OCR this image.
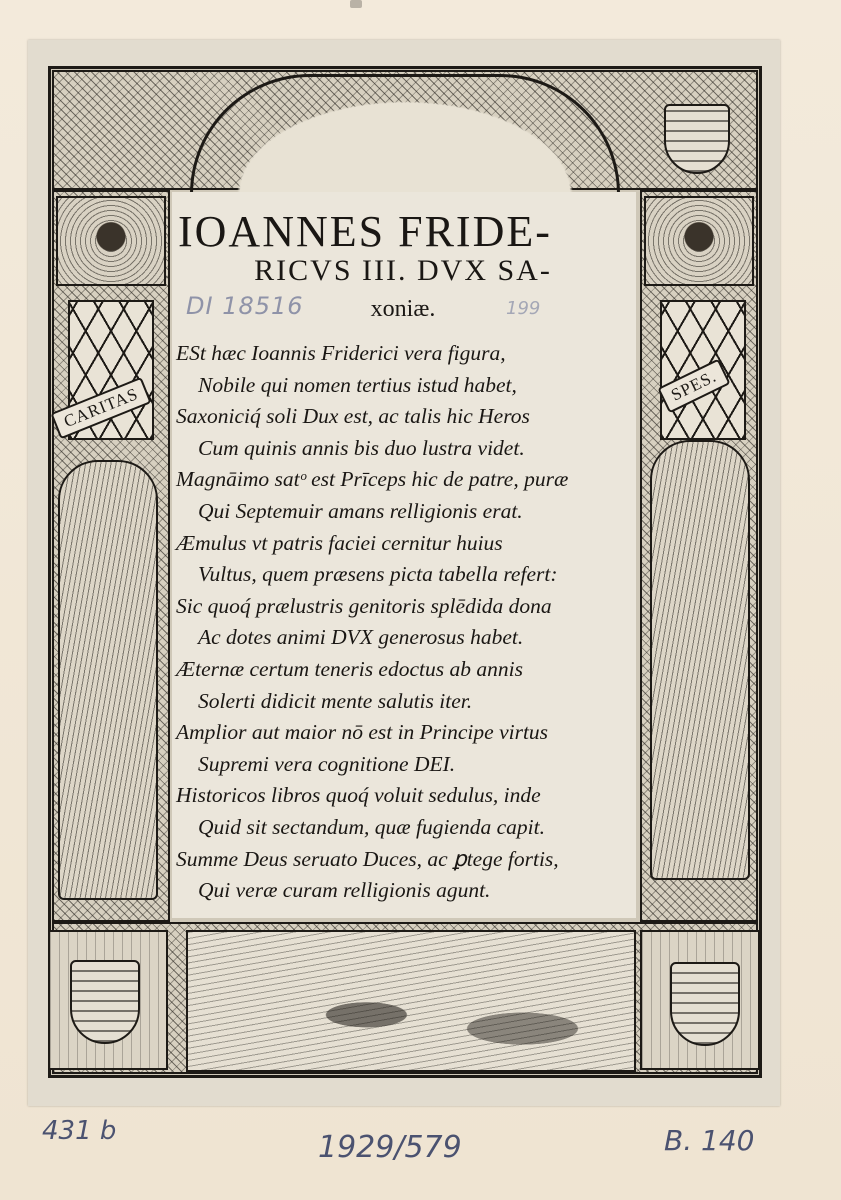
CARITAS	SPES.
IOANNES FRIDE-
RICVS III. DVX SA-
xoniæ.
DI 18516	199
ESt hæc Ioannis Friderici vera figura,
Nobile qui nomen tertius istud habet,
Saxoniciq́ soli Dux est, ac talis hic Heros
Cum quinis annis bis duo lustra videt.
Magnāimo satᵒ est Prīceps hic de patre, puræ
Qui Septemuir amans relligionis erat.
Æmulus vt patris faciei cernitur huius
Vultus, quem præsens picta tabella refert:
Sic quoq́ prælustris genitoris splēdida dona
Ac dotes animi DVX generosus habet.
Æternæ certum teneris edoctus ab annis
Solerti didicit mente salutis iter.
Amplior aut maior nō est in Principe virtus
Supremi vera cognitione DEI.
Historicos libros quoq́ voluit sedulus, inde
Quid sit sectandum, quæ fugienda capit.
Summe Deus seruato Duces, ac ꝑtege fortis,
Qui veræ curam relligionis agunt.
431 b	1929/579	B. 140
